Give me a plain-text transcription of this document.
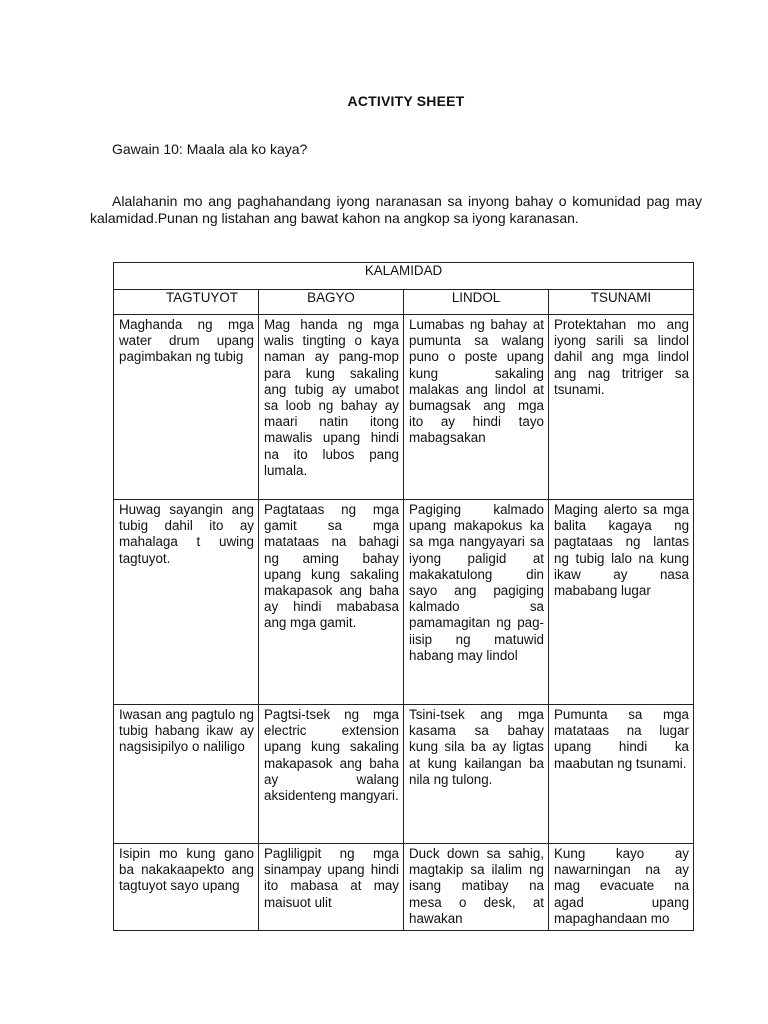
ACTIVITY SHEET
Gawain 10: Maala ala ko kaya?
Alalahanin mo ang paghahandang iyong naranasan sa inyong bahay o komunidad pag may kalamidad.Punan ng listahan ang bawat kahon na angkop sa iyong karanasan.
KALAMIDAD			
TAGTUYOT	BAGYO	LINDOL	TSUNAMI

Maghanda ng mga water drum upang pagimbakan ng tubig	Mag handa ng mga walis tingting o kaya naman ay pang-mop para kung sakaling ang tubig ay umabot sa loob ng bahay ay maari natin itong mawalis upang hindi na ito lubos pang lumala.	Lumabas ng bahay at pumunta sa walang puno o poste upang kung sakaling malakas ang lindol at bumagsak ang mga ito ay hindi tayo mabagsakan	Protektahan mo ang iyong sarili sa lindol dahil ang mga lindol ang nag tritriger sa tsunami.

Huwag sayangin ang tubig dahil ito ay mahalaga t uwing tagtuyot.	Pagtataas ng mga gamit sa mga matataas na bahagi ng aming bahay upang kung sakaling makapasok ang baha ay hindi mababasa ang mga gamit.	Pagiging kalmado upang makapokus ka sa mga nangyayari sa iyong paligid at makakatulong din sayo ang pagiging kalmado sa pamamagitan ng pag-iisip ng matuwid habang may lindol	Maging alerto sa mga balita kagaya ng pagtataas ng lantas ng tubig lalo na kung ikaw ay nasa mababang lugar

Iwasan ang pagtulo ng tubig habang ikaw ay nagsisipilyo o naliligo	Pagtsi-tsek ng mga electric extension upang kung sakaling makapasok ang baha ay walang aksidenteng mangyari.	Tsini-tsek ang mga kasama sa bahay kung sila ba ay ligtas at kung kailangan ba nila ng tulong.	Pumunta sa mga matataas na lugar upang hindi ka maabutan ng tsunami.

Isipin mo kung gano ba nakakaapekto ang tagtuyot sayo upang	Pagliligpit ng mga sinampay upang hindi ito mabasa at may maisuot ulit	Duck down sa sahig, magtakip sa ilalim ng isang matibay na mesa o desk, at hawakan	Kung kayo ay nawarningan na ay mag evacuate na agad upang mapaghandaan mo
